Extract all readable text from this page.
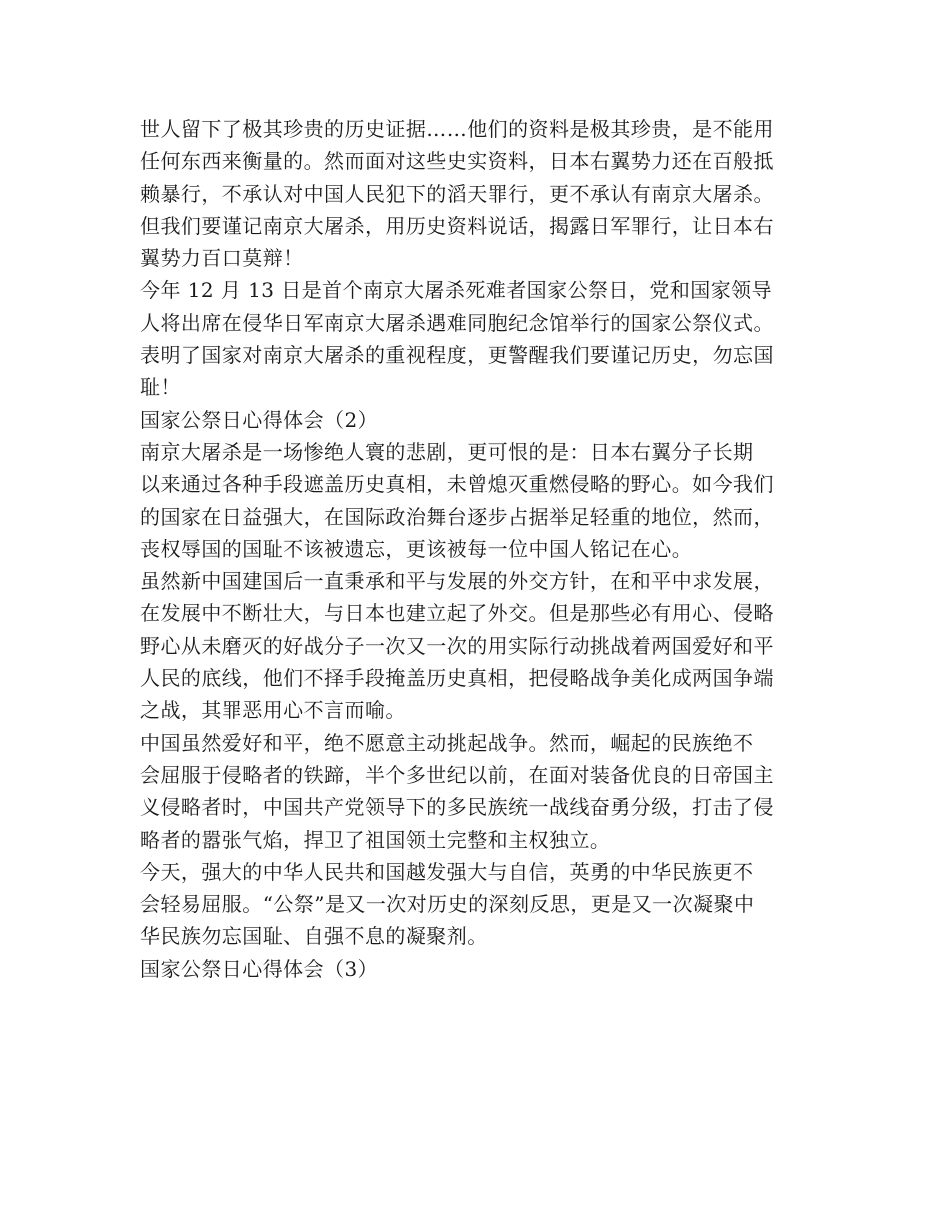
世人留下了极其珍贵的历史证据……他们的资料是极其珍贵，是不能用
任何东西来衡量的。然而面对这些史实资料，日本右翼势力还在百般抵
赖暴行，不承认对中国人民犯下的滔天罪行，更不承认有南京大屠杀。
但我们要谨记南京大屠杀，用历史资料说话，揭露日军罪行，让日本右
翼势力百口莫辩！
今年 12 月 13 日是首个南京大屠杀死难者国家公祭日，党和国家领导
人将出席在侵华日军南京大屠杀遇难同胞纪念馆举行的国家公祭仪式。
表明了国家对南京大屠杀的重视程度，更警醒我们要谨记历史，勿忘国
耻！
国家公祭日心得体会（2）
南京大屠杀是一场惨绝人寰的悲剧，更可恨的是：日本右翼分子长期
以来通过各种手段遮盖历史真相，未曾熄灭重燃侵略的野心。如今我们
的国家在日益强大，在国际政治舞台逐步占据举足轻重的地位，然而，
丧权辱国的国耻不该被遗忘，更该被每一位中国人铭记在心。
虽然新中国建国后一直秉承和平与发展的外交方针，在和平中求发展，
在发展中不断壮大，与日本也建立起了外交。但是那些必有用心、侵略
野心从未磨灭的好战分子一次又一次的用实际行动挑战着两国爱好和平
人民的底线，他们不择手段掩盖历史真相，把侵略战争美化成两国争端
之战，其罪恶用心不言而喻。
中国虽然爱好和平，绝不愿意主动挑起战争。然而，崛起的民族绝不
会屈服于侵略者的铁蹄，半个多世纪以前，在面对装备优良的日帝国主
义侵略者时，中国共产党领导下的多民族统一战线奋勇分级，打击了侵
略者的嚣张气焰，捍卫了祖国领土完整和主权独立。
今天，强大的中华人民共和国越发强大与自信，英勇的中华民族更不
会轻易屈服。“公祭”是又一次对历史的深刻反思，更是又一次凝聚中
华民族勿忘国耻、自强不息的凝聚剂。
国家公祭日心得体会（3）
